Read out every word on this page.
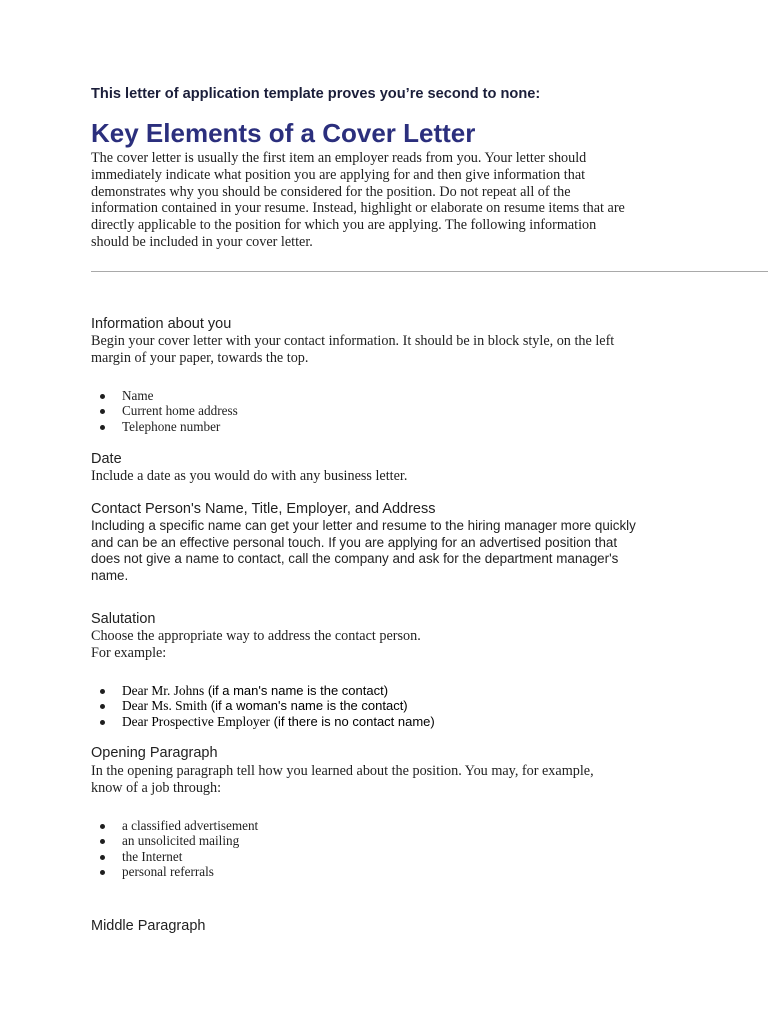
This letter of application template proves you’re second to none:
Key Elements of a Cover Letter
The cover letter is usually the first item an employer reads from you. Your letter should
immediately indicate what position you are applying for and then give information that
demonstrates why you should be considered for the position. Do not repeat all of the
information contained in your resume. Instead, highlight or elaborate on resume items that are
directly applicable to the position for which you are applying. The following information
should be included in your cover letter.
Information about you
Begin your cover letter with your contact information. It should be in block style, on the left
margin of your paper, towards the top.
Name
Current home address
Telephone number
Date
Include a date as you would do with any business letter.
Contact Person's Name, Title, Employer, and Address
Including a specific name can get your letter and resume to the hiring manager more quickly
and can be an effective personal touch. If you are applying for an advertised position that
does not give a name to contact, call the company and ask for the department manager's
name.
Salutation
Choose the appropriate way to address the contact person.
For example:
Dear Mr. Johns (if a man's name is the contact)
Dear Ms. Smith (if a woman's name is the contact)
Dear Prospective Employer (if there is no contact name)
Opening Paragraph
In the opening paragraph tell how you learned about the position. You may, for example,
know of a job through:
a classified advertisement
an unsolicited mailing
the Internet
personal referrals
Middle Paragraph
